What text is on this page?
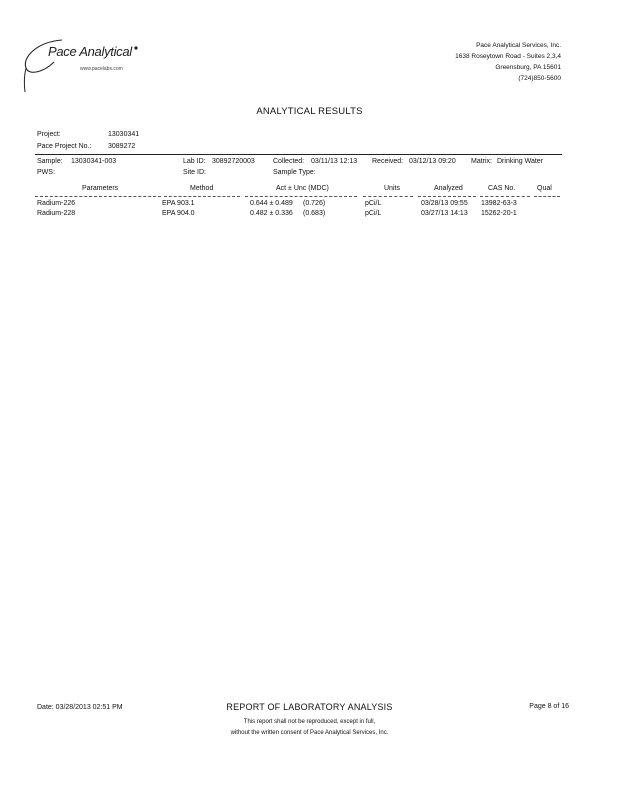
Pace Analytical
www.pacelabs.com
Pace Analytical Services, Inc.
1638 Roseytown Road - Suites 2,3,4
Greensburg, PA 15601
(724)850-5600
ANALYTICAL RESULTS
Project:	13030341
Pace Project No.: 3089272
Sample: 13030341-003	Lab ID: 30892720003	Collected: 03/11/13 12:13 Received: 03/12/13 09:20 Matrix: Drinking Water
PWS:	Site ID:	Sample Type:
Parameters	Method	Act ± Unc (MDC)	Units	Analyzed	CAS No.	Qual
Radium-226	EPA 903.1	0.644 ± 0.489 (0.726)	pCi/L	03/28/13 09:55 13982-63-3
Radium-228	EPA 904.0	0.482 ± 0.336 (0.683)	pCi/L	03/27/13 14:13 15262-20-1
Date: 03/28/2013 02:51 PM	REPORT OF LABORATORY ANALYSIS	Page 8 of 16
This report shall not be reproduced, except in full,
without the written consent of Pace Analytical Services, Inc.
